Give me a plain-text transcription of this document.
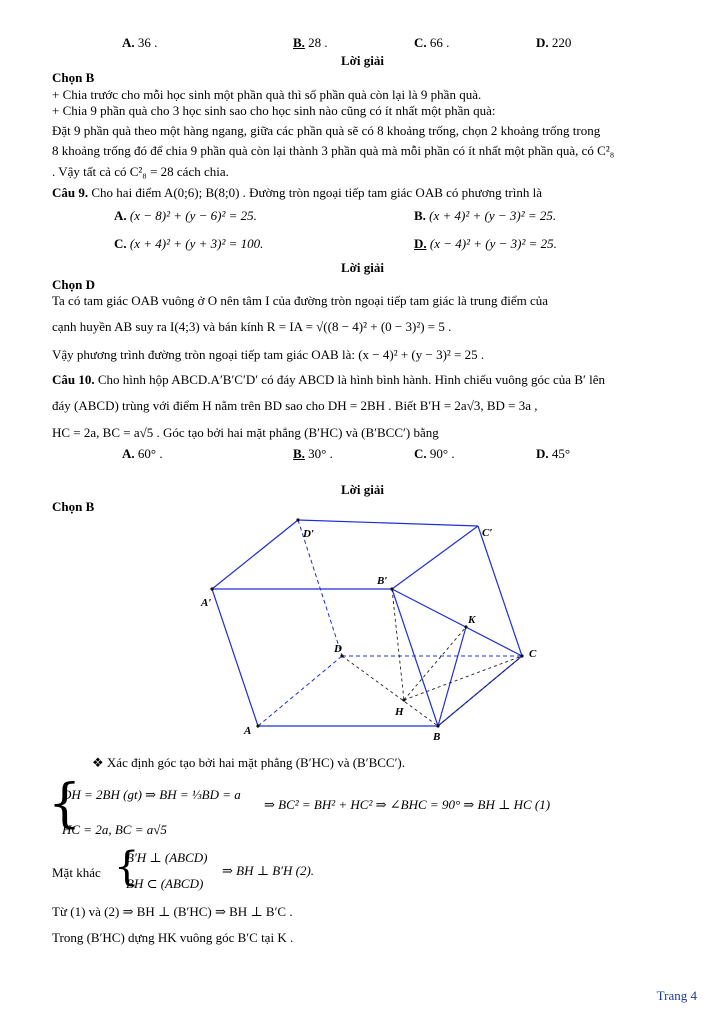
A. 36 .	B. 28 .	C. 66 .	D. 220
Lời giải
Chọn B
+ Chia trước cho mỗi học sinh một phần quà thì số phần quà còn lại là 9 phần quà.
+ Chia 9 phần quà cho 3 học sinh sao cho học sinh nào cũng có ít nhất một phần quà:
Đặt 9 phần quà theo một hàng ngang, giữa các phần quà sẽ có 8 khoảng trống, chọn 2 khoảng trống trong
8 khoảng trống đó để chia 9 phần quà còn lại thành 3 phần quà mà mỗi phần có ít nhất một phần quà, có C²₈
. Vậy tất cả có C²₈ = 28 cách chia.
Câu 9. Cho hai điểm A(0;6); B(8;0) . Đường tròn ngoại tiếp tam giác OAB có phương trình là
A. (x − 8)² + (y − 6)² = 25.	B. (x + 4)² + (y − 3)² = 25.
C. (x + 4)² + (y + 3)² = 100.	D. (x − 4)² + (y − 3)² = 25.
Lời giải
Chọn D
Ta có tam giác OAB vuông ở O nên tâm I của đường tròn ngoại tiếp tam giác là trung điểm của
cạnh huyền AB suy ra I(4;3) và bán kính R = IA = √((8 − 4)² + (0 − 3)²) = 5 .
Vậy phương trình đường tròn ngoại tiếp tam giác OAB là: (x − 4)² + (y − 3)² = 25 .
Câu 10. Cho hình hộp ABCD.A′B′C′D′ có đáy ABCD là hình bình hành. Hình chiếu vuông góc của B′ lên
đáy (ABCD) trùng với điểm H nằm trên BD sao cho DH = 2BH . Biết B′H = 2a√3, BD = 3a ,
HC = 2a, BC = a√5 . Góc tạo bởi hai mặt phẳng (B′HC) và (B′BCC′) bằng
A. 60° .	B. 30° .	C. 90° .	D. 45°
Lời giải
Chọn B
D′	C′
B′
A′
K
D	C
H
A	B
❖ Xác định góc tạo bởi hai mặt phẳng (B′HC) và (B′BCC′).
{
DH = 2BH (gt) ⇒ BH = ⅓BD = a
HC = 2a, BC = a√5
⇒ BC² = BH² + HC² ⇒ ∠BHC = 90° ⇒ BH ⊥ HC (1)
Mặt khác {
B′H ⊥ (ABCD)
BH ⊂ (ABCD)
⇒ BH ⊥ B′H (2).
Từ (1) và (2) ⇒ BH ⊥ (B′HC) ⇒ BH ⊥ B′C .
Trong (B′HC) dựng HK vuông góc B′C tại K .
Trang 4
